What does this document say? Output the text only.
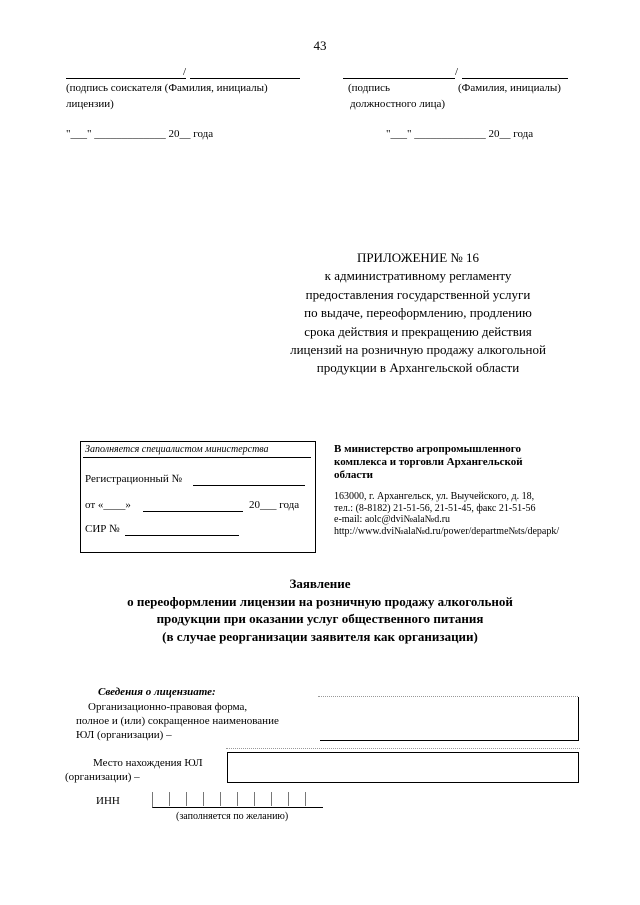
43
/
(подпись соискателя (Фамилия, инициалы)
лицензии)
/
(подпись	(Фамилия, инициалы)
должностного лица)
"___" _____________ 20__ года	"___" _____________ 20__ года
ПРИЛОЖЕНИЕ № 16
к административному регламенту
предоставления государственной услуги
по выдаче, переоформлению, продлению
срока действия и прекращению действия
лицензий на розничную продажу алкогольной
продукции в Архангельской области
Заполняется специалистом министерства
Регистрационный №
от «____»	20___ года
СИР №
В министерство агропромышленного
комплекса и торговли Архангельской
области
163000, г. Архангельск, ул. Выучейского, д. 18,
тел.: (8-8182) 21-51-56, 21-51-45, факс 21-51-56
e-mail: aolc@dvi№ala№d.ru
http://www.dvi№ala№d.ru/power/departme№ts/depapk/
Заявление
о переоформлении лицензии на розничную продажу алкогольной
продукции при оказании услуг общественного питания
(в случае реорганизации заявителя как организации)
Сведения о лицензиате:
Организационно-правовая форма,
полное и (или) сокращенное наименование
ЮЛ (организации) –
Место нахождения ЮЛ
(организации) –
ИНН
(заполняется по желанию)
